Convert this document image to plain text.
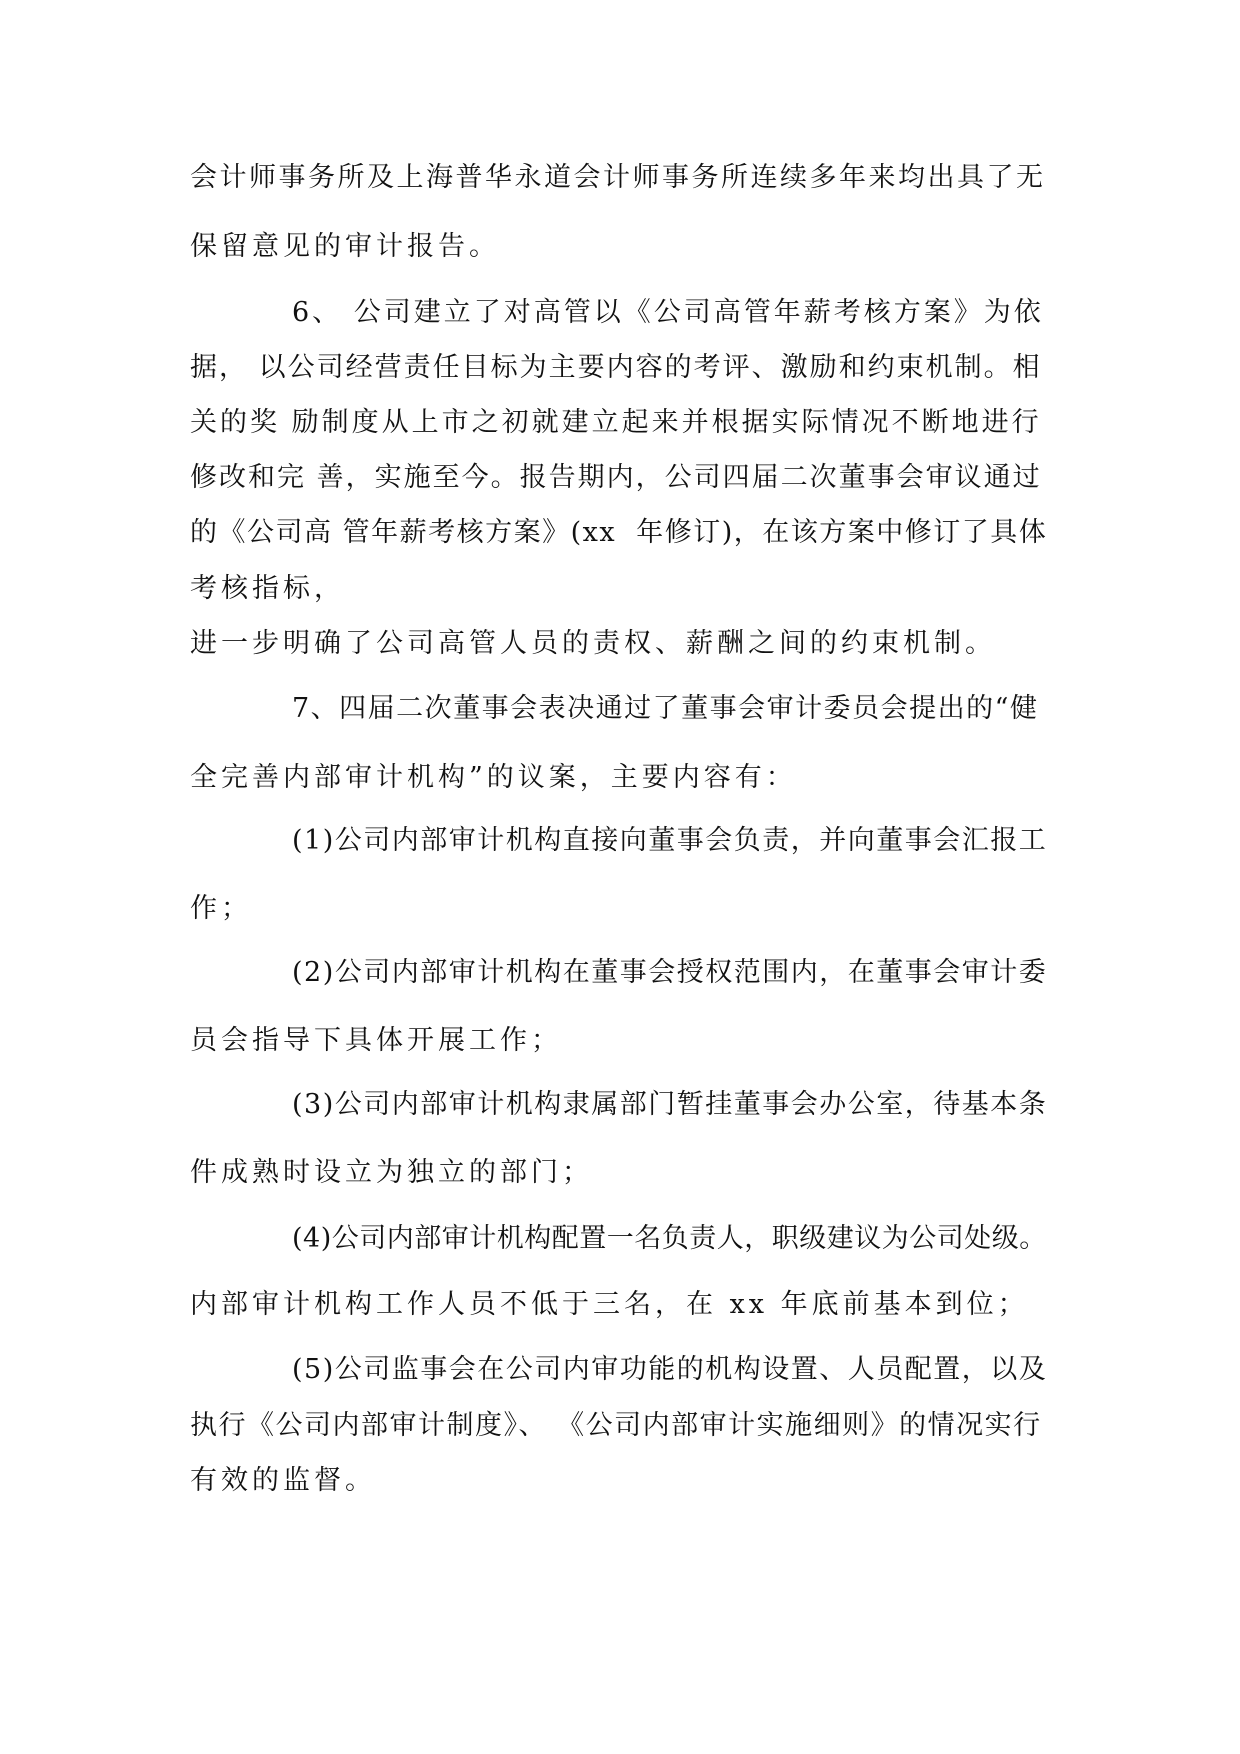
会计师事务所及上海普华永道会计师事务所连续多年来均出具了无
保留意见的审计报告。
6、 公司建立了对高管以《公司高管年薪考核方案》为依
据， 以公司经营责任目标为主要内容的考评、激励和约束机制。相
关的奖 励制度从上市之初就建立起来并根据实际情况不断地进行
修改和完 善，实施至今。报告期内，公司四届二次董事会审议通过
的《公司高 管年薪考核方案》(xx  年修订)，在该方案中修订了具体
考核指标，
进一步明确了公司高管人员的责权、薪酬之间的约束机制。
7、四届二次董事会表决通过了董事会审计委员会提出的“健
全完善内部审计机构”的议案，主要内容有：
(1)公司内部审计机构直接向董事会负责，并向董事会汇报工
作；
(2)公司内部审计机构在董事会授权范围内，在董事会审计委
员会指导下具体开展工作；
(3)公司内部审计机构隶属部门暂挂董事会办公室，待基本条
件成熟时设立为独立的部门；
(4)公司内部审计机构配置一名负责人，职级建议为公司处级。
内部审计机构工作人员不低于三名，在 xx 年底前基本到位；
(5)公司监事会在公司内审功能的机构设置、人员配置，以及
执行《公司内部审计制度》、 《公司内部审计实施细则》的情况实行
有效的监督。
